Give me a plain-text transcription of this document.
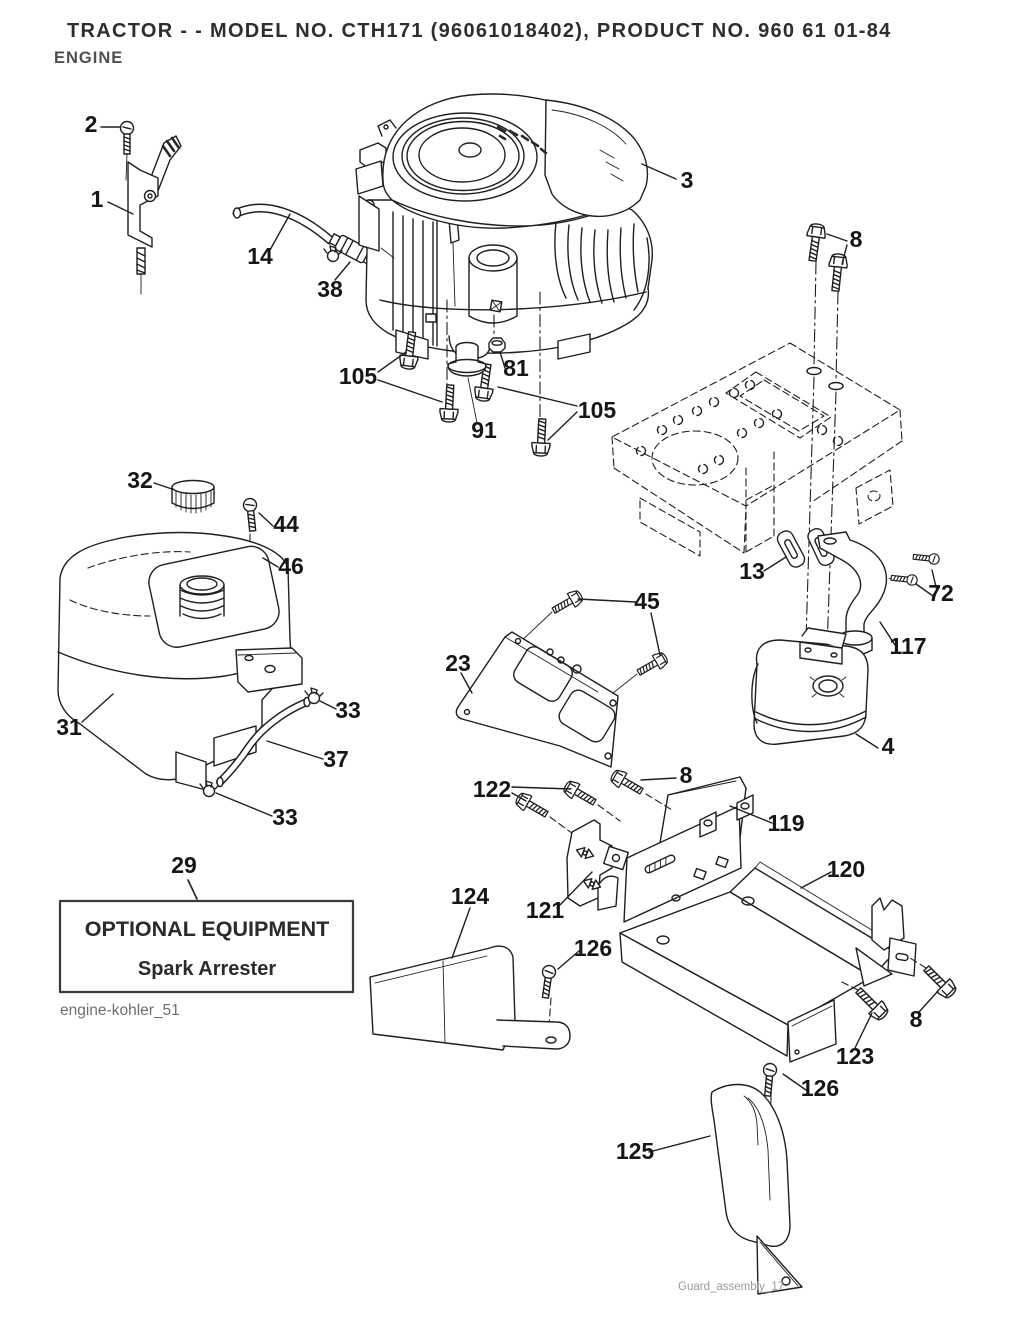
TRACTOR - - MODEL NO. CTH171 (96061018402), PRODUCT NO. 960 61 01-84
ENGINE
OPTIONAL EQUIPMENT
Spark Arrester
2
1
14
38
3
8
105	81
91
105
32
44
46	13
45	72
23
117
4
31
33
37
33
29
8
122
119
120
121
124
126
8
123
126
125
engine-kohler_51
Guard_assembly_17
